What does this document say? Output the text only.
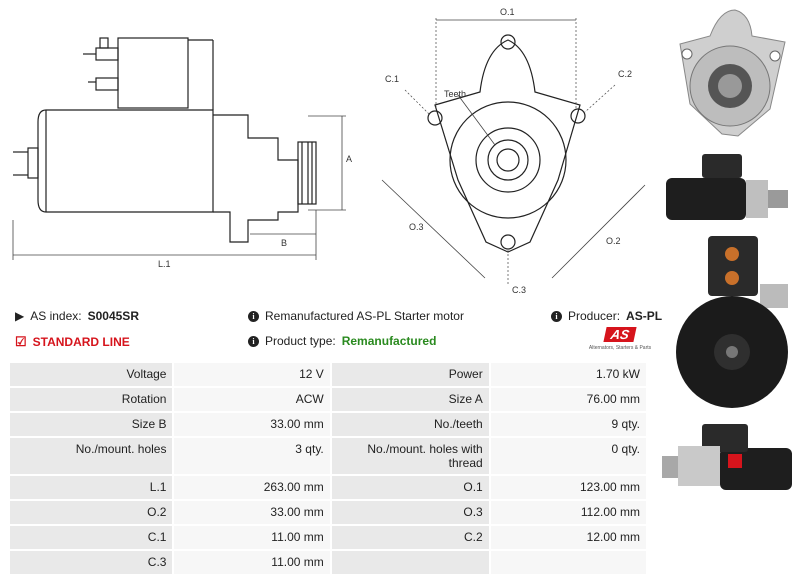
A
B
L.1
O.1
C.1	C.2
Teeth
O.3
O.2
C.3
▶ AS index: S0045SR	i Remanufactured AS-PL Starter motor	i Producer: AS-PL
☑ STANDARD LINE	i Product type: Remanufactured	AS
Alternators, Starters & Parts
Voltage	12 V	Power	1.70 kW
Rotation	ACW	Size A	76.00 mm
Size B	33.00 mm	No./teeth	9 qty.
No./mount. holes	3 qty.	No./mount. holes with thread	0 qty.
L.1	263.00 mm	O.1	123.00 mm
O.2	33.00 mm	O.3	112.00 mm
C.1	11.00 mm	C.2	12.00 mm
C.3	11.00 mm		
